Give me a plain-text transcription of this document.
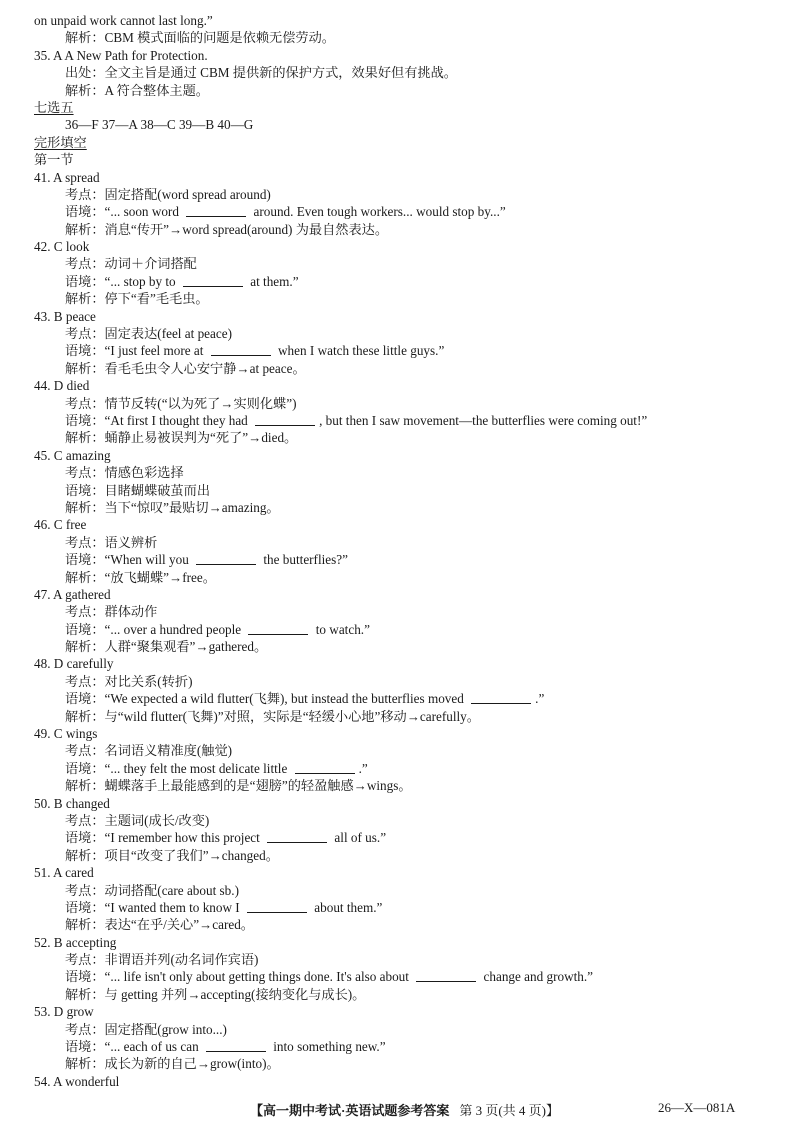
on unpaid work cannot last long.”
解析：CBM 模式面临的问题是依赖无偿劳动。
35. A A New Path for Protection.
出处：全文主旨是通过 CBM 提供新的保护方式，效果好但有挑战。
解析：A 符合整体主题。
七选五
36—F 37—A 38—C 39—B 40—G
完形填空
第一节
41. A spread
考点：固定搭配(word spread around)
语境：“... soon word	around. Even tough workers... would stop by...”
解析：消息“传开”→word spread(around) 为最自然表达。
42. C look
考点：动词＋介词搭配
语境：“... stop by to	at them.”
解析：停下“看”毛毛虫。
43. B peace
考点：固定表达(feel at peace)
语境：“I just feel more at	when I watch these little guys.”
解析：看毛毛虫令人心安宁静→at peace。
44. D died
考点：情节反转(“以为死了→实则化蝶”)
语境：“At first I thought they had	, but then I saw movement—the butterflies were coming out!”
解析：蛹静止易被误判为“死了”→died。
45. C amazing
考点：情感色彩选择
语境：目睹蝴蝶破茧而出
解析：当下“惊叹”最贴切→amazing。
46. C free
考点：语义辨析
语境：“When will you	the butterflies?”
解析：“放飞蝴蝶”→free。
47. A gathered
考点：群体动作
语境：“... over a hundred people	to watch.”
解析：人群“聚集观看”→gathered。
48. D carefully
考点：对比关系(转折)
语境：“We expected a wild flutter(飞舞), but instead the butterflies moved	.”
解析：与“wild flutter(飞舞)”对照，实际是“轻缓小心地”移动→carefully。
49. C wings
考点：名词语义精准度(触觉)
语境：“... they felt the most delicate little	.”
解析：蝴蝶落手上最能感到的是“翅膀”的轻盈触感→wings。
50. B changed
考点：主题词(成长/改变)
语境：“I remember how this project	all of us.”
解析：项目“改变了我们”→changed。
51. A cared
考点：动词搭配(care about sb.)
语境：“I wanted them to know I	about them.”
解析：表达“在乎/关心”→cared。
52. B accepting
考点：非谓语并列(动名词作宾语)
语境：“... life isn't only about getting things done. It's also about	change and growth.”
解析：与 getting 并列→accepting(接纳变化与成长)。
53. D grow
考点：固定搭配(grow into...)
语境：“... each of us can	into something new.”
解析：成长为新的自己→grow(into)。
54. A wonderful
【高一期中考试·英语试题参考答案 第 3 页(共 4 页)】	26—X—081A
